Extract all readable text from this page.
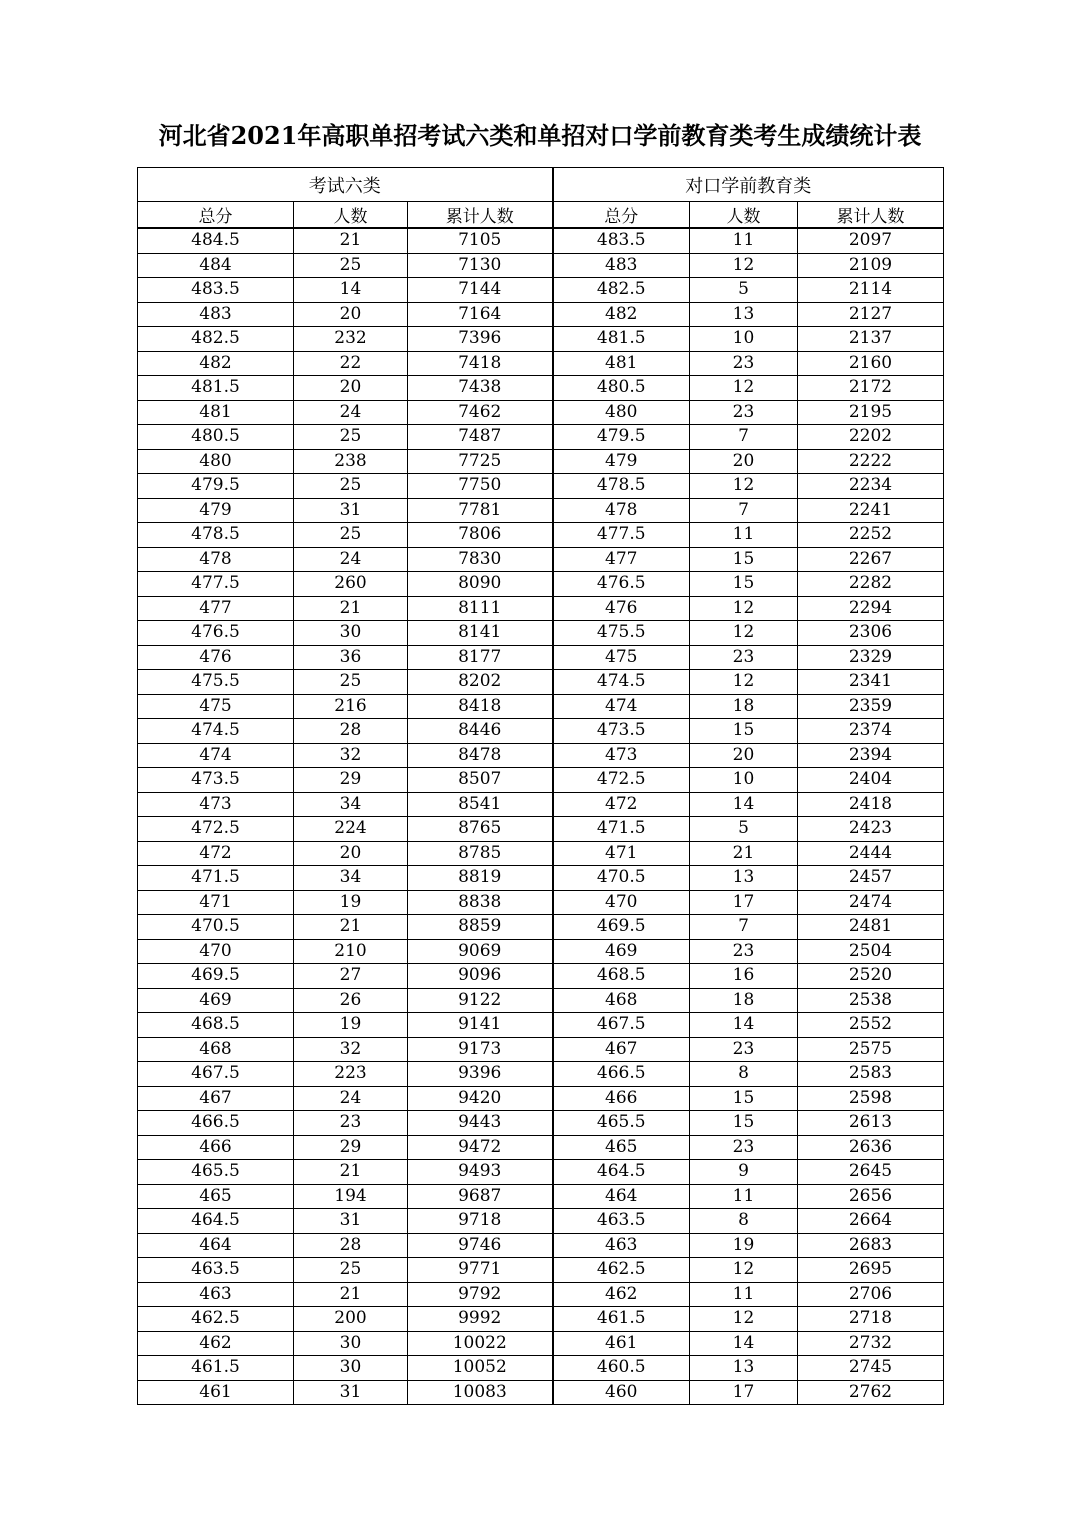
河北省2021年高职单招考试六类和单招对口学前教育类考生成绩统计表
考试六类			对口学前教育类		
总分	人数	累计人数	总分	人数	累计人数
484.5	21	7105	483.5	11	2097
484	25	7130	483	12	2109
483.5	14	7144	482.5	5	2114
483	20	7164	482	13	2127
482.5	232	7396	481.5	10	2137
482	22	7418	481	23	2160
481.5	20	7438	480.5	12	2172
481	24	7462	480	23	2195
480.5	25	7487	479.5	7	2202
480	238	7725	479	20	2222
479.5	25	7750	478.5	12	2234
479	31	7781	478	7	2241
478.5	25	7806	477.5	11	2252
478	24	7830	477	15	2267
477.5	260	8090	476.5	15	2282
477	21	8111	476	12	2294
476.5	30	8141	475.5	12	2306
476	36	8177	475	23	2329
475.5	25	8202	474.5	12	2341
475	216	8418	474	18	2359
474.5	28	8446	473.5	15	2374
474	32	8478	473	20	2394
473.5	29	8507	472.5	10	2404
473	34	8541	472	14	2418
472.5	224	8765	471.5	5	2423
472	20	8785	471	21	2444
471.5	34	8819	470.5	13	2457
471	19	8838	470	17	2474
470.5	21	8859	469.5	7	2481
470	210	9069	469	23	2504
469.5	27	9096	468.5	16	2520
469	26	9122	468	18	2538
468.5	19	9141	467.5	14	2552
468	32	9173	467	23	2575
467.5	223	9396	466.5	8	2583
467	24	9420	466	15	2598
466.5	23	9443	465.5	15	2613
466	29	9472	465	23	2636
465.5	21	9493	464.5	9	2645
465	194	9687	464	11	2656
464.5	31	9718	463.5	8	2664
464	28	9746	463	19	2683
463.5	25	9771	462.5	12	2695
463	21	9792	462	11	2706
462.5	200	9992	461.5	12	2718
462	30	10022	461	14	2732
461.5	30	10052	460.5	13	2745
461	31	10083	460	17	2762
